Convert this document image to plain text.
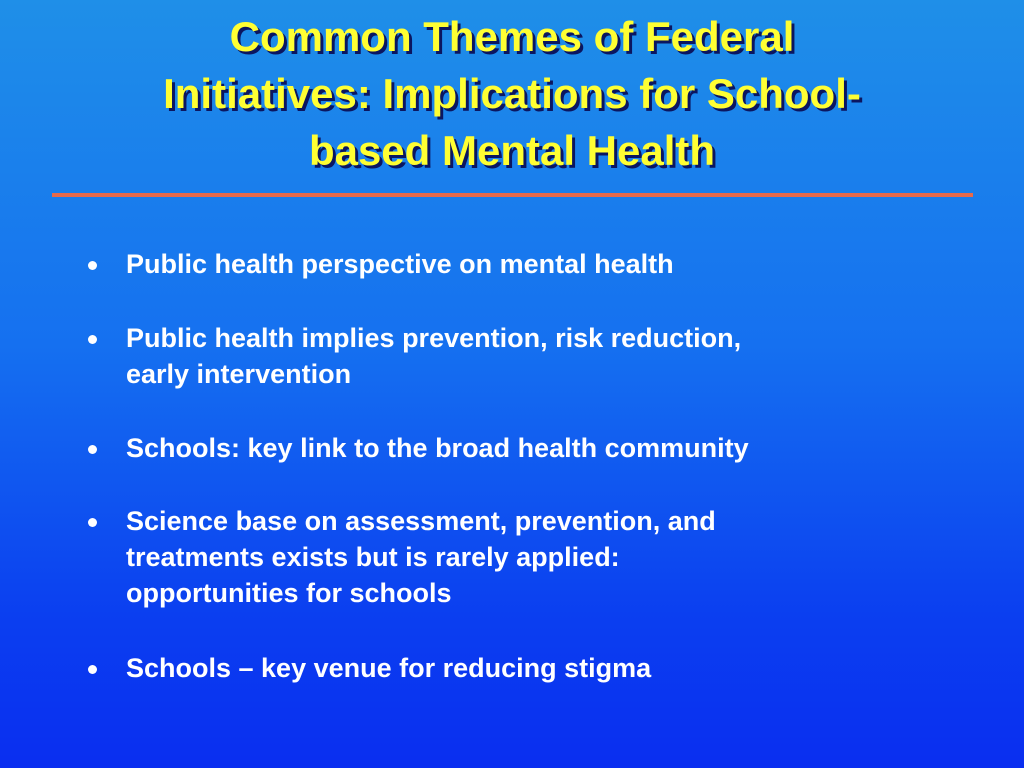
Common Themes of Federal
Initiatives: Implications for School-
based Mental Health
Public health perspective on mental health
Public health implies prevention, risk reduction,
early intervention
Schools: key link to the broad health community
Science base on assessment, prevention, and
treatments exists but is rarely applied:
opportunities for schools
Schools – key venue for reducing stigma
